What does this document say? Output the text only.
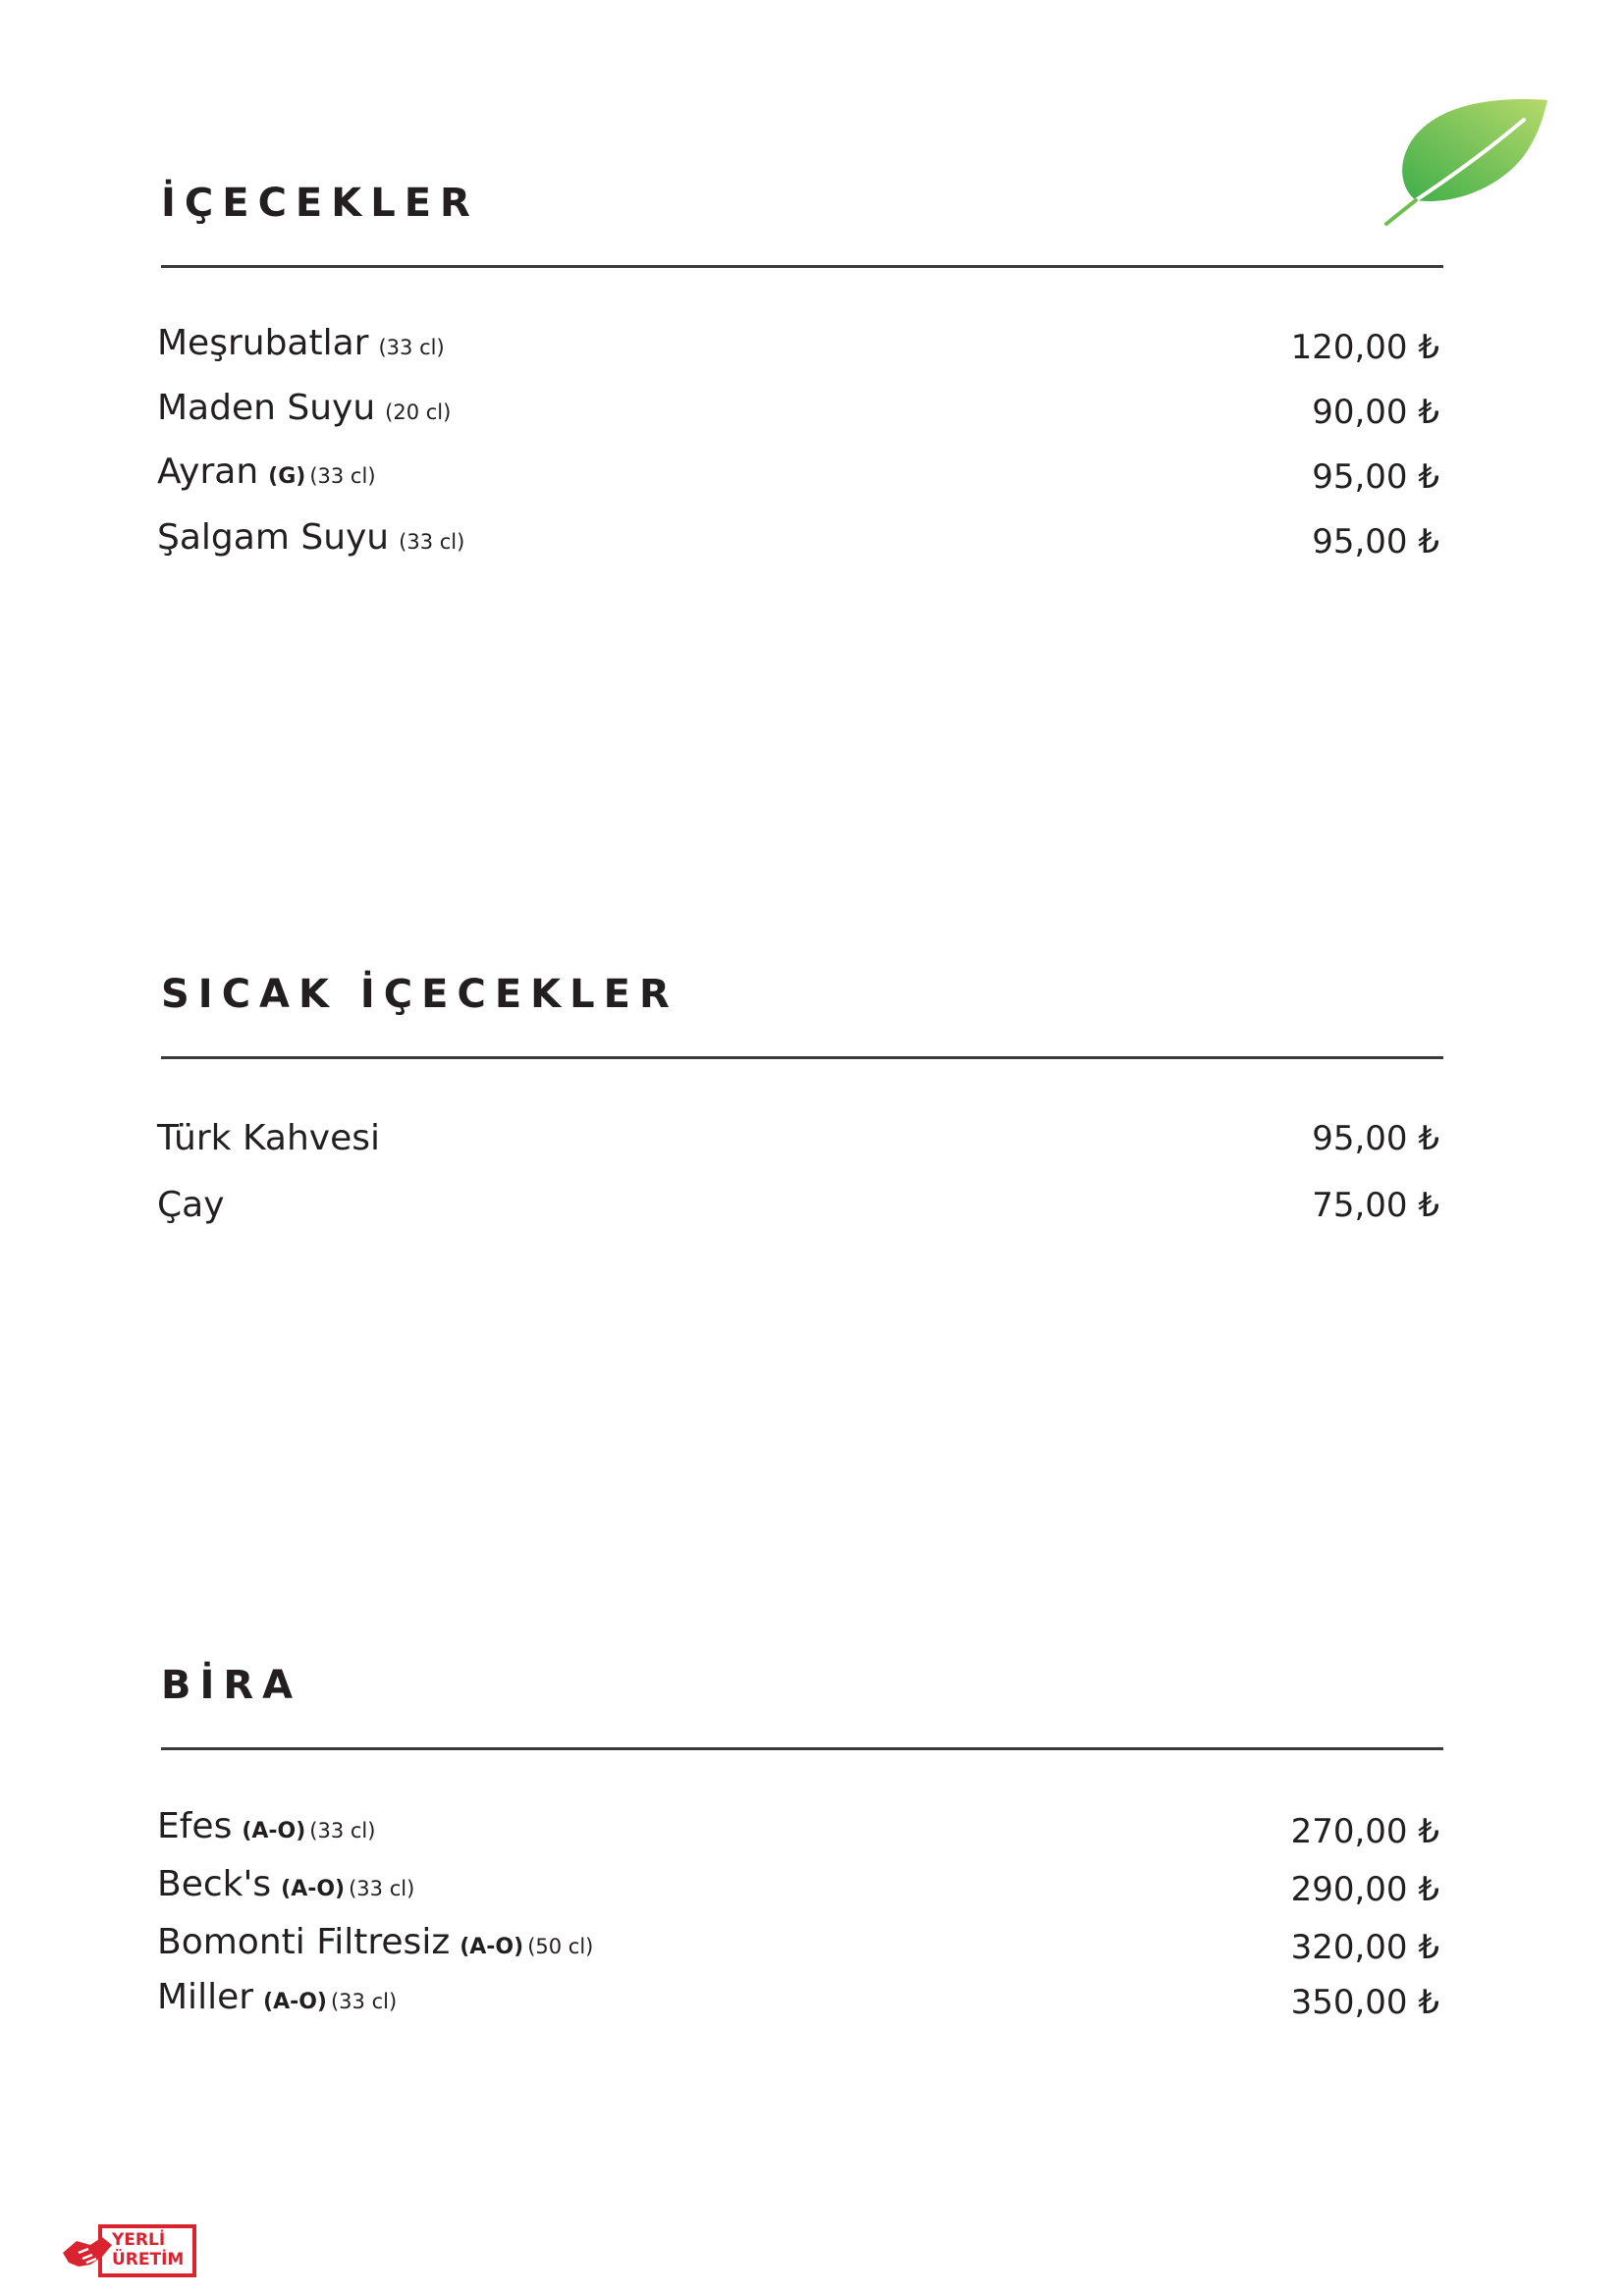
İÇECEKLER
Meşrubatlar (33 cl)	120,00 ₺
Maden Suyu (20 cl)	90,00 ₺
Ayran (G) (33 cl)	95,00 ₺
Şalgam Suyu (33 cl)	95,00 ₺
SICAK İÇECEKLER
Türk Kahvesi	95,00 ₺
Çay	75,00 ₺
BİRA
Efes (A-O) (33 cl)	270,00 ₺
Beck's (A-O) (33 cl)	290,00 ₺
Bomonti Filtresiz (A-O) (50 cl)	320,00 ₺
Miller (A-O) (33 cl)	350,00 ₺
YERLİ
ÜRETİM
